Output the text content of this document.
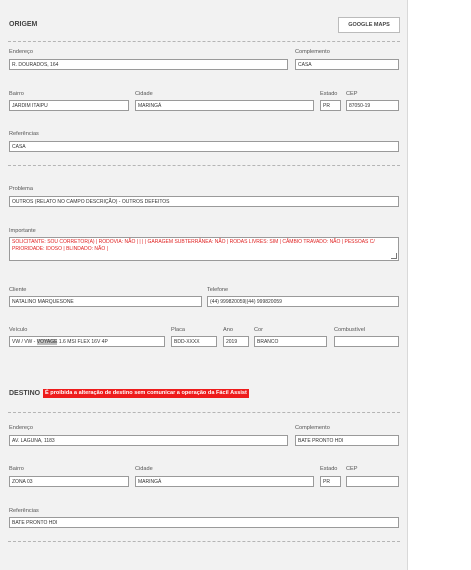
ORIGEM	GOOGLE MAPS
Endereço
R. DOURADOS, 164
Complemento
CASA
Bairro
JARDIM ITAIPU
Cidade
MARINGÁ
Estado
PR
CEP
87050-19
Referências
CASA
Problema
OUTROS (RELATO NO CAMPO DESCRIÇÃO) - OUTROS DEFEITOS
Importante
SOLICITANTE: SOU CORRETOR(A) | RODOVIA: NÃO | | | | GARAGEM SUBTERRÂNEA: NÃO | RODAS LIVRES: SIM | CÂMBIO TRAVADO: NÃO | PESSOAS C/ PRIORIDADE: IDOSO | BLINDADO: NÃO |
Cliente
NATALINO MARQUESONE
Telefone
(44) 999820059|(44) 999820059
Veículo
VW / VW - VOYAGE 1.6 MSI FLEX 16V 4P
Placa
BDD-XXXX
Ano
2019
Cor
BRANCO
Combustível
DESTINO É proibida a alteração de destino sem comunicar a operação da Fácil Assist
Endereço
AV. LAGUNA, 1183
Complemento
BATE PRONTO HDI
Bairro
ZONA 03
Cidade
MARINGÁ
Estado
PR
CEP
Referências
BATE PRONTO HDI
